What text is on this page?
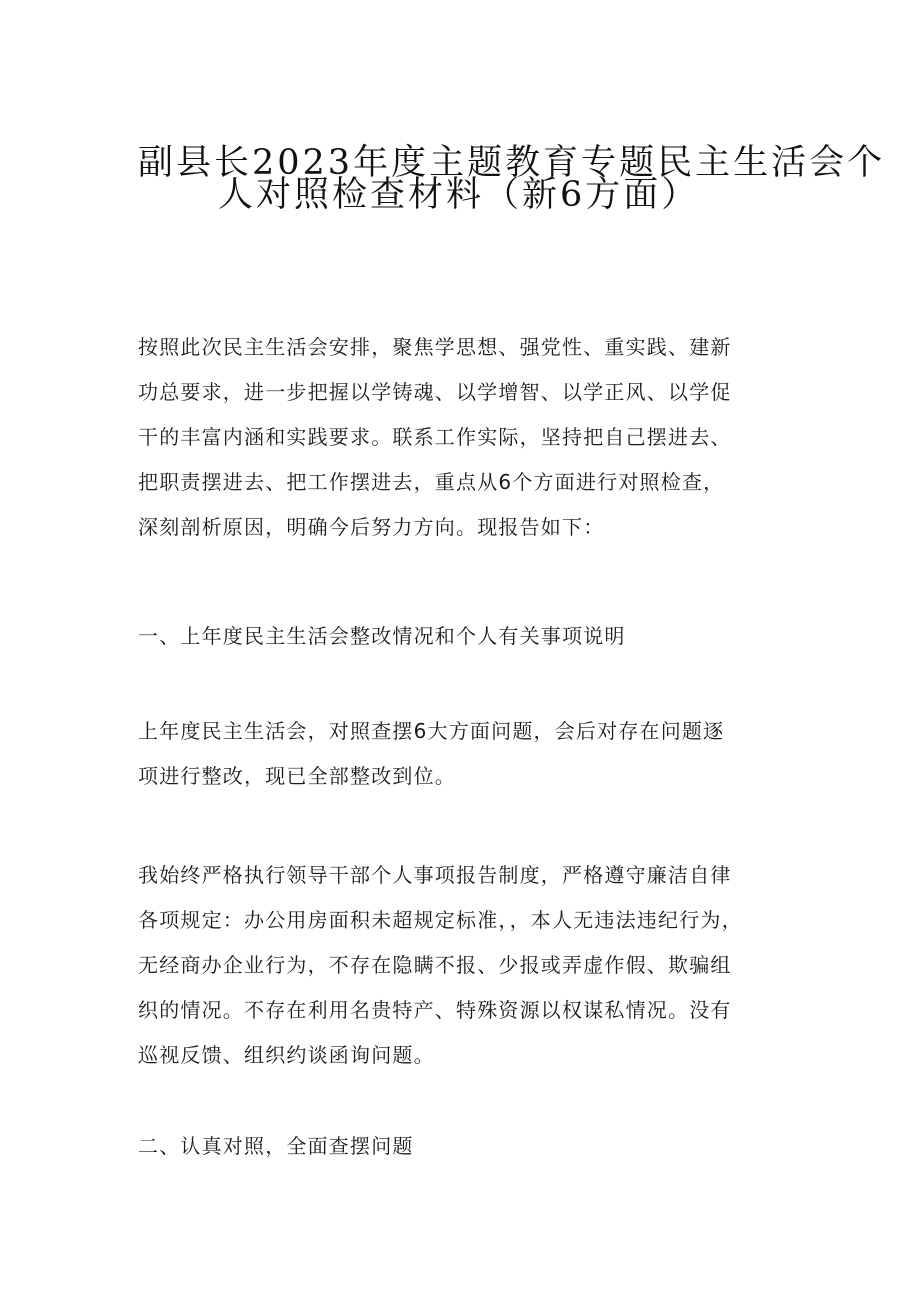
副县长2023年度主题教育专题民主生活会个
人对照检查材料（新6方面）
按照此次民主生活会安排，聚焦学思想、强党性、重实践、建新
功总要求，进一步把握以学铸魂、以学增智、以学正风、以学促
干的丰富内涵和实践要求。联系工作实际，坚持把自己摆进去、
把职责摆进去、把工作摆进去，重点从6个方面进行对照检查，
深刻剖析原因，明确今后努力方向。现报告如下：
一、上年度民主生活会整改情况和个人有关事项说明
上年度民主生活会，对照查摆6大方面问题，会后对存在问题逐
项进行整改，现已全部整改到位。
我始终严格执行领导干部个人事项报告制度，严格遵守廉洁自律
各项规定：办公用房面积未超规定标准，，本人无违法违纪行为，
无经商办企业行为，不存在隐瞒不报、少报或弄虚作假、欺骗组
织的情况。不存在利用名贵特产、特殊资源以权谋私情况。没有
巡视反馈、组织约谈函询问题。
二、认真对照，全面查摆问题
